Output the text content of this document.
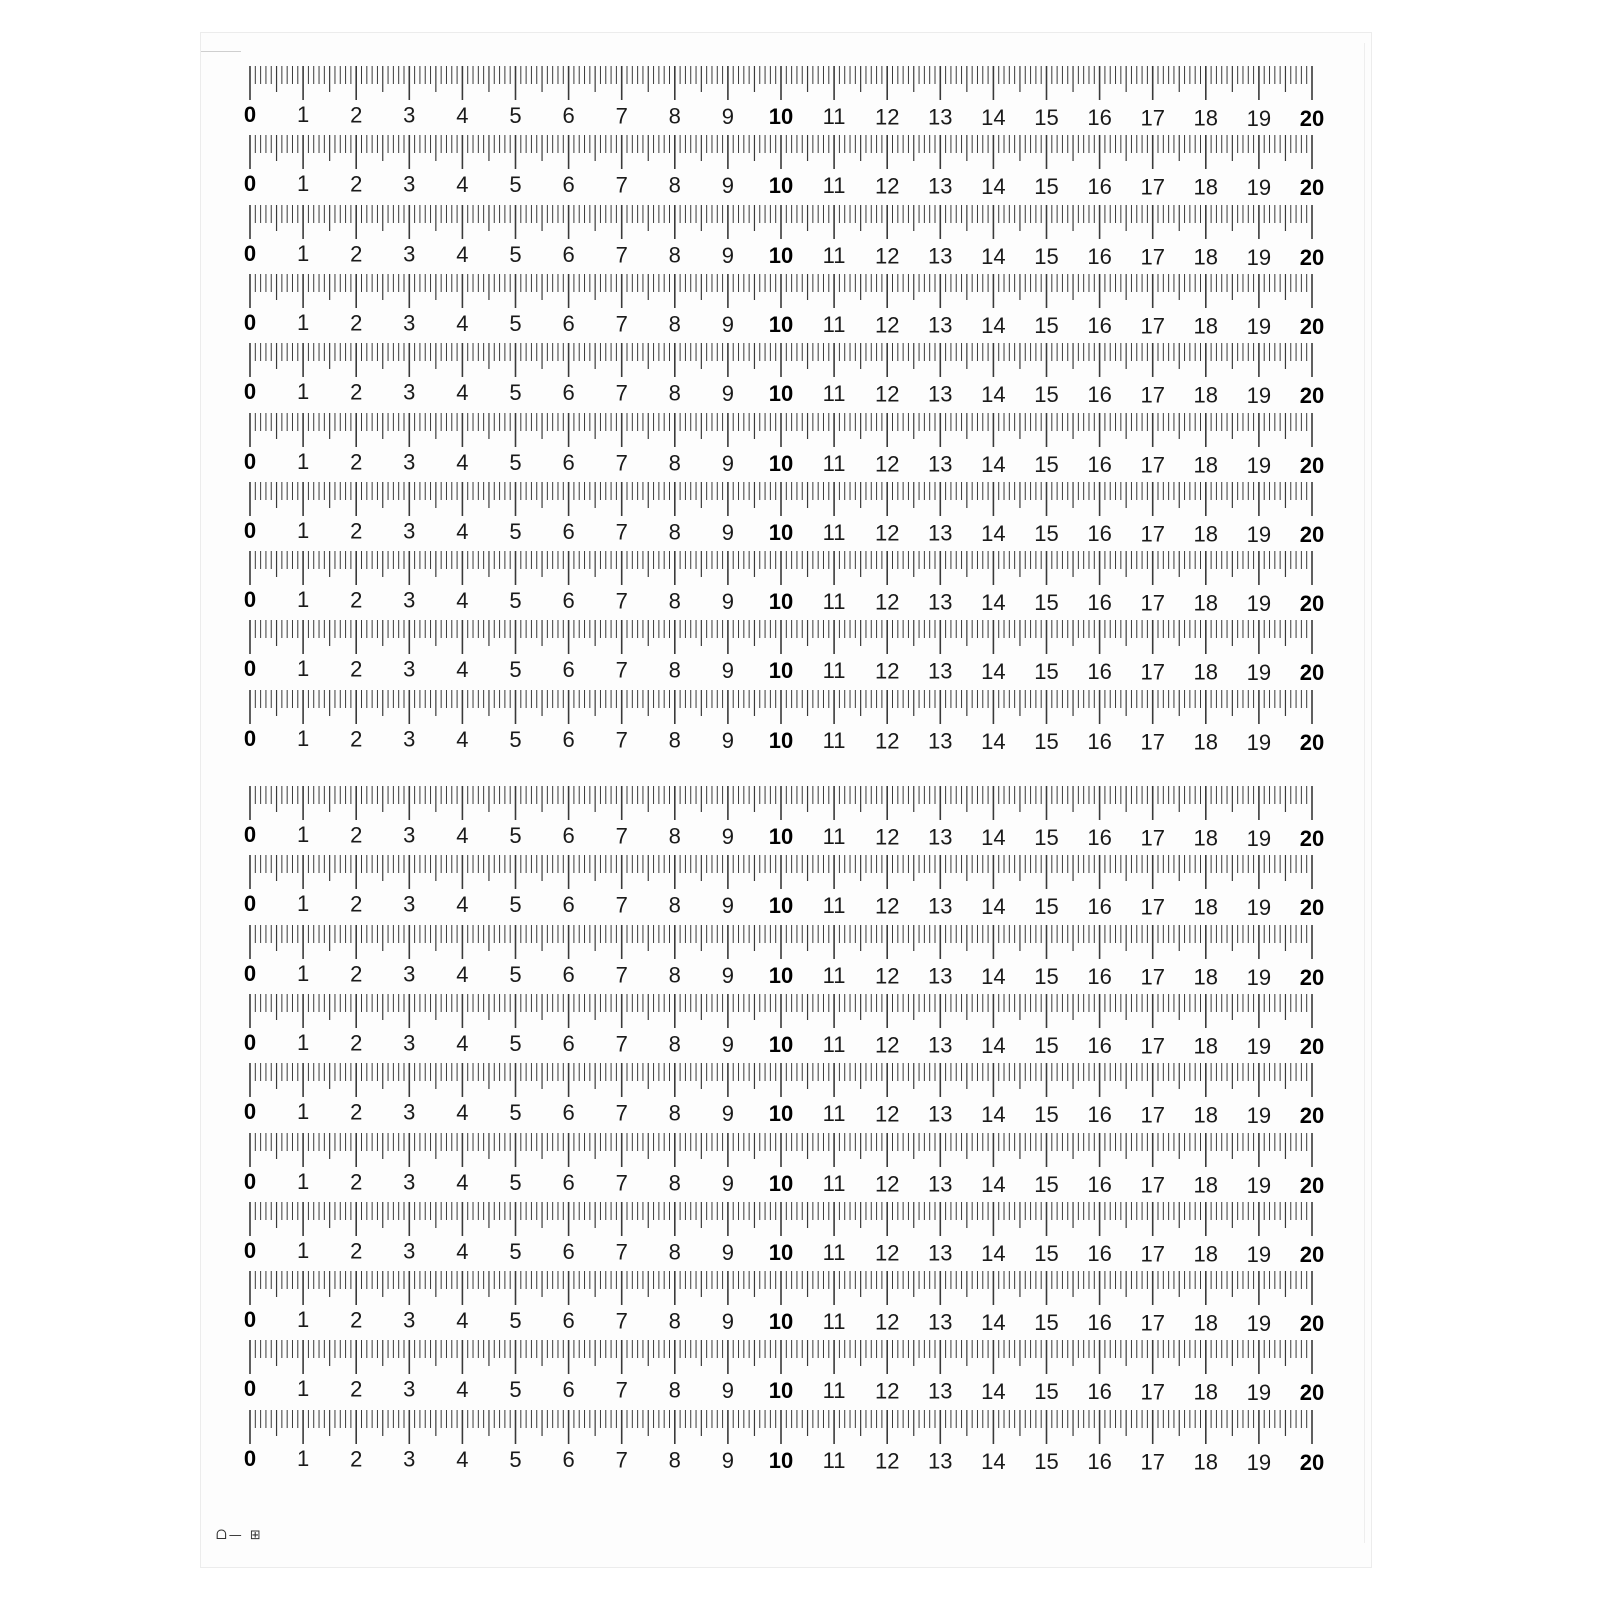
0 1 2 3 4 5 6 7 8 9 10 11 12 13 14 15 16 17 18 19 20
0 1 2 3 4 5 6 7 8 9 10 11 12 13 14 15 16 17 18 19 20
0 1 2 3 4 5 6 7 8 9 10 11 12 13 14 15 16 17 18 19 20
0 1 2 3 4 5 6 7 8 9 10 11 12 13 14 15 16 17 18 19 20
0 1 2 3 4 5 6 7 8 9 10 11 12 13 14 15 16 17 18 19 20
0 1 2 3 4 5 6 7 8 9 10 11 12 13 14 15 16 17 18 19 20
0 1 2 3 4 5 6 7 8 9 10 11 12 13 14 15 16 17 18 19 20
0 1 2 3 4 5 6 7 8 9 10 11 12 13 14 15 16 17 18 19 20
0 1 2 3 4 5 6 7 8 9 10 11 12 13 14 15 16 17 18 19 20
0 1 2 3 4 5 6 7 8 9 10 11 12 13 14 15 16 17 18 19 20
0 1 2 3 4 5 6 7 8 9 10 11 12 13 14 15 16 17 18 19 20
0 1 2 3 4 5 6 7 8 9 10 11 12 13 14 15 16 17 18 19 20
0 1 2 3 4 5 6 7 8 9 10 11 12 13 14 15 16 17 18 19 20
0 1 2 3 4 5 6 7 8 9 10 11 12 13 14 15 16 17 18 19 20
0 1 2 3 4 5 6 7 8 9 10 11 12 13 14 15 16 17 18 19 20
0 1 2 3 4 5 6 7 8 9 10 11 12 13 14 15 16 17 18 19 20
0 1 2 3 4 5 6 7 8 9 10 11 12 13 14 15 16 17 18 19 20
0 1 2 3 4 5 6 7 8 9 10 11 12 13 14 15 16 17 18 19 20
0 1 2 3 4 5 6 7 8 9 10 11 12 13 14 15 16 17 18 19 20
0 1 2 3 4 5 6 7 8 9 10 11 12 13 14 15 16 17 18 19 20
ᗝ— ⊞
